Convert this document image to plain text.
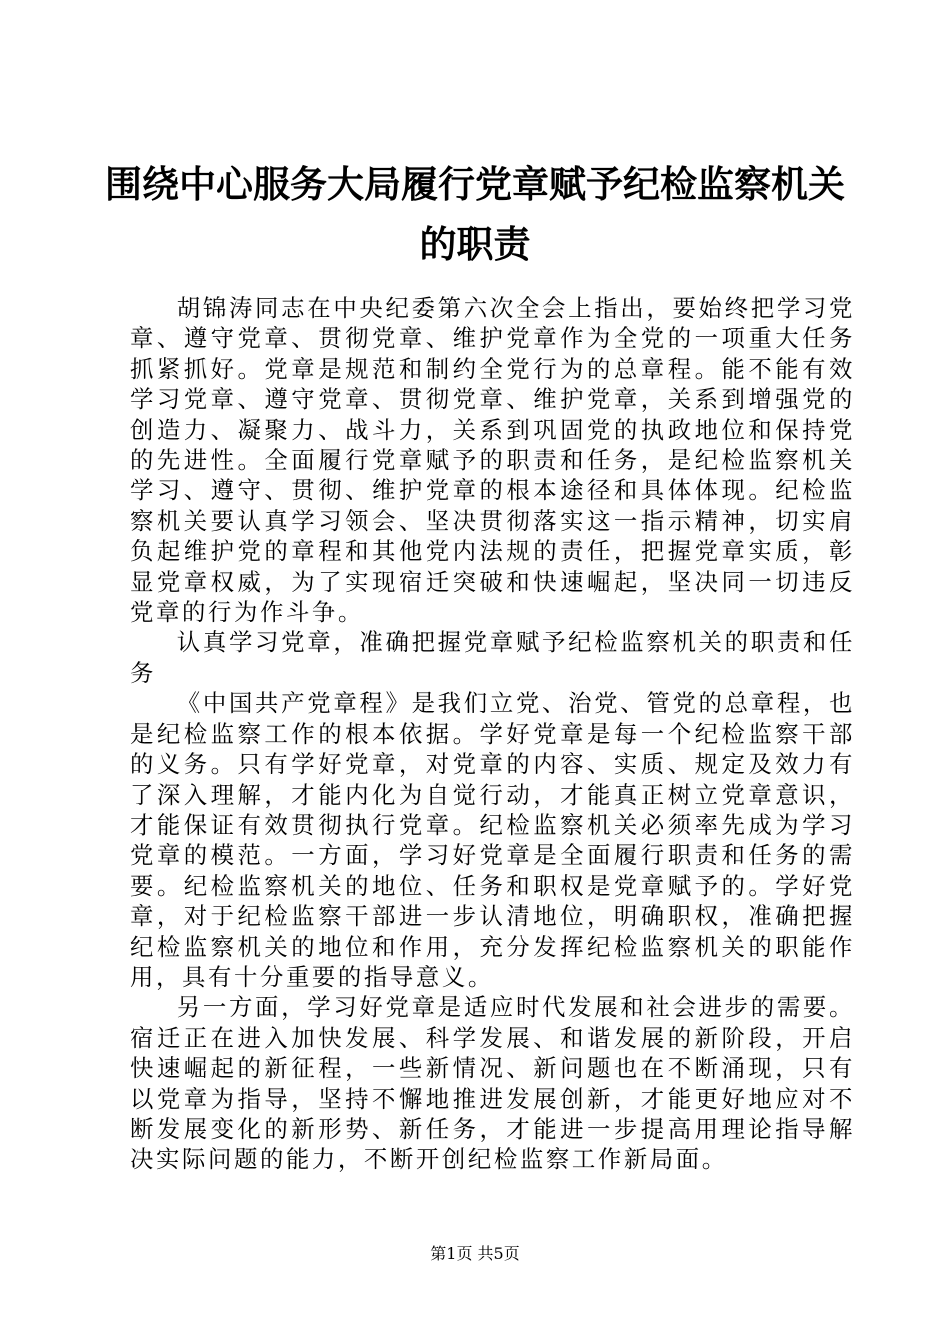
围绕中心服务大局履行党章赋予纪检监察机关的职责

胡锦涛同志在中央纪委第六次全会上指出，要始终把学习党章、遵守党章、贯彻党章、维护党章作为全党的一项重大任务抓紧抓好。党章是规范和制约全党行为的总章程。能不能有效学习党章、遵守党章、贯彻党章、维护党章，关系到增强党的创造力、凝聚力、战斗力，关系到巩固党的执政地位和保持党的先进性。全面履行党章赋予的职责和任务，是纪检监察机关学习、遵守、贯彻、维护党章的根本途径和具体体现。纪检监察机关要认真学习领会、坚决贯彻落实这一指示精神，切实肩负起维护党的章程和其他党内法规的责任，把握党章实质，彰显党章权威，为了实现宿迁突破和快速崛起，坚决同一切违反党章的行为作斗争。

认真学习党章，准确把握党章赋予纪检监察机关的职责和任务

《中国共产党章程》是我们立党、治党、管党的总章程，也是纪检监察工作的根本依据。学好党章是每一个纪检监察干部的义务。只有学好党章，对党章的内容、实质、规定及效力有了深入理解，才能内化为自觉行动，才能真正树立党章意识，才能保证有效贯彻执行党章。纪检监察机关必须率先成为学习党章的模范。一方面，学习好党章是全面履行职责和任务的需要。纪检监察机关的地位、任务和职权是党章赋予的。学好党章，对于纪检监察干部进一步认清地位，明确职权，准确把握纪检监察机关的地位和作用，充分发挥纪检监察机关的职能作用，具有十分重要的指导意义。

另一方面，学习好党章是适应时代发展和社会进步的需要。宿迁正在进入加快发展、科学发展、和谐发展的新阶段，开启快速崛起的新征程，一些新情况、新问题也在不断涌现，只有以党章为指导，坚持不懈地推进发展创新，才能更好地应对不断发展变化的新形势、新任务，才能进一步提高用理论指导解决实际问题的能力，不断开创纪检监察工作新局面。

第1页 共5页
